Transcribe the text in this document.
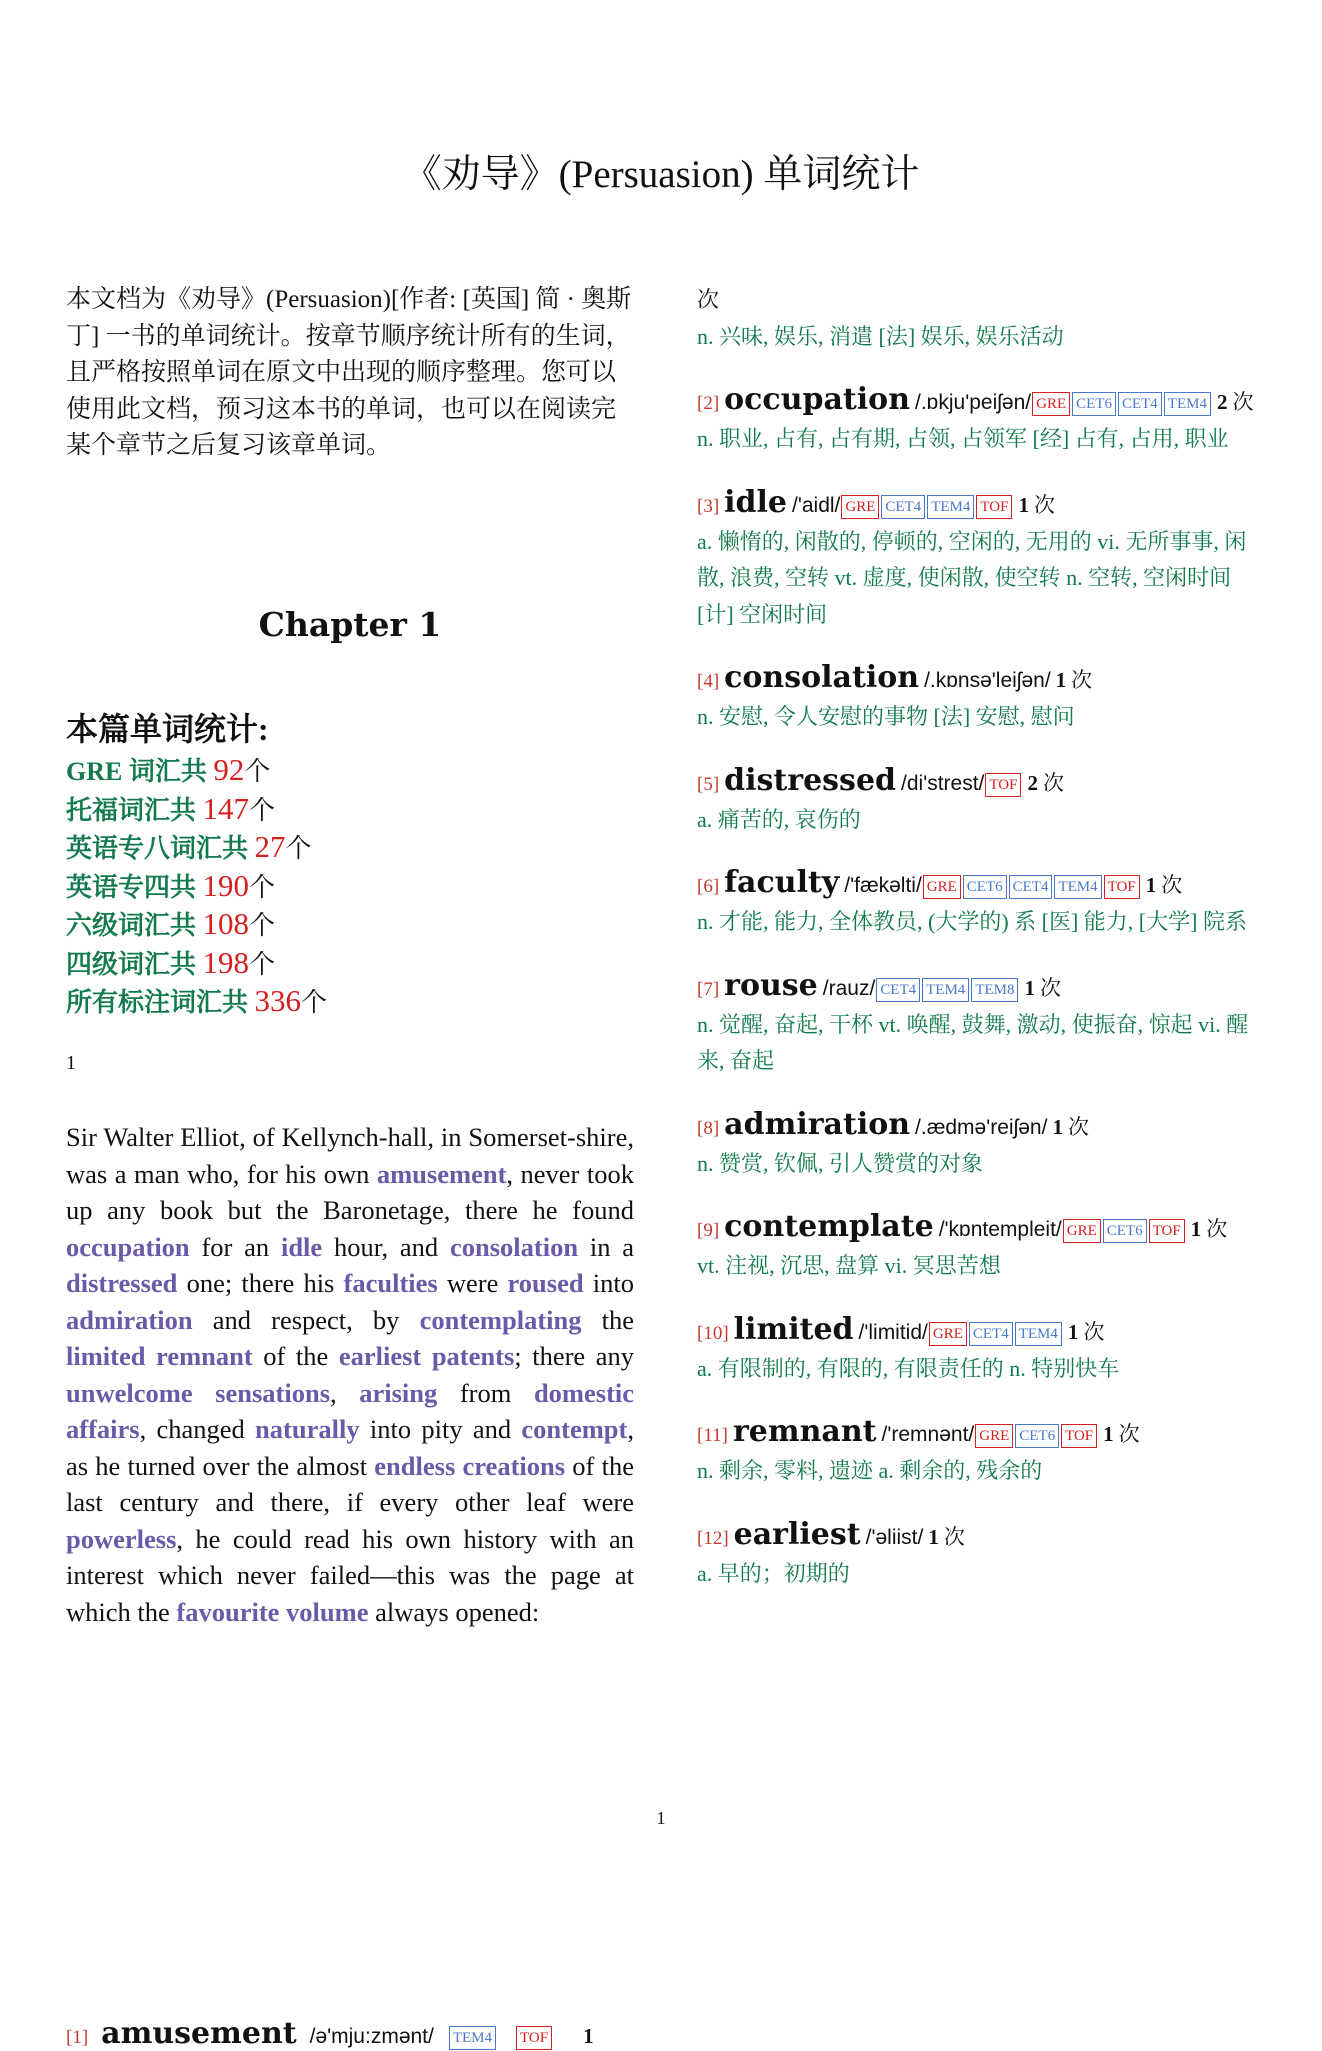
《劝导》(Persuasion) 单词统计

本文档为《劝导》(Persuasion)[作者: [英国] 简 · 奥斯丁] 一书的单词统计。按章节顺序统计所有的生词，且严格按照单词在原文中出现的顺序整理。您可以使用此文档，预习这本书的单词，也可以在阅读完某个章节之后复习该章单词。

Chapter 1
本篇单词统计:
GRE 词汇共 92个
托福词汇共 147个
英语专八词汇共 27个
英语专四共 190个
六级词汇共 108个
四级词汇共 198个
所有标注词汇共 336个
1

Sir Walter Elliot, of Kellynch-hall, in Somerset-shire, was a man who, for his own amusement, never took up any book but the Baronetage, there he found occupation for an idle hour, and consolation in a distressed one; there his faculties were roused into admiration and respect, by contemplating the limited remnant of the earliest patents; there any unwelcome sensations, arising from domestic affairs, changed naturally into pity and contempt, as he turned over the almost endless creations of the last century and there, if every other leaf were powerless, he could read his own history with an interest which never failed—this was the page at which the favourite volume always opened:

[1] amusement /ə'mju:zmənt/ TEM4 TOF 1
次
n. 兴味, 娱乐, 消遣 [法] 娱乐, 娱乐活动
[2] occupation /.ɒkju'peiʃən/ GRE CET6 CET4 TEM4 2 次
n. 职业, 占有, 占有期, 占领, 占领军 [经] 占有, 占用, 职业
[3] idle /'aidl/ GRE CET4 TEM4 TOF 1 次
a. 懒惰的, 闲散的, 停顿的, 空闲的, 无用的 vi. 无所事事, 闲散, 浪费, 空转 vt. 虚度, 使闲散, 使空转 n. 空转, 空闲时间 [计] 空闲时间
[4] consolation /.kɒnsə'leiʃən/ 1 次
n. 安慰, 令人安慰的事物 [法] 安慰, 慰问
[5] distressed /di'strest/ TOF 2 次
a. 痛苦的, 哀伤的
[6] faculty /'fækəlti/ GRE CET6 CET4 TEM4 TOF 1 次
n. 才能, 能力, 全体教员, (大学的) 系 [医] 能力, [大学] 院系
[7] rouse /rauz/ CET4 TEM4 TEM8 1 次
n. 觉醒, 奋起, 干杯 vt. 唤醒, 鼓舞, 激动, 使振奋, 惊起 vi. 醒来, 奋起
[8] admiration /.ædmə'reiʃən/ 1 次
n. 赞赏, 钦佩, 引人赞赏的对象
[9] contemplate /'kɒntempleit/ GRE CET6 TOF 1 次
vt. 注视, 沉思, 盘算 vi. 冥思苦想
[10] limited /'limitid/ GRE CET4 TEM4 1 次
a. 有限制的, 有限的, 有限责任的 n. 特别快车
[11] remnant /'remnənt/ GRE CET6 TOF 1 次
n. 剩余, 零料, 遗迹 a. 剩余的, 残余的
[12] earliest /'əliist/ 1 次
a. 早的；初期的
1
